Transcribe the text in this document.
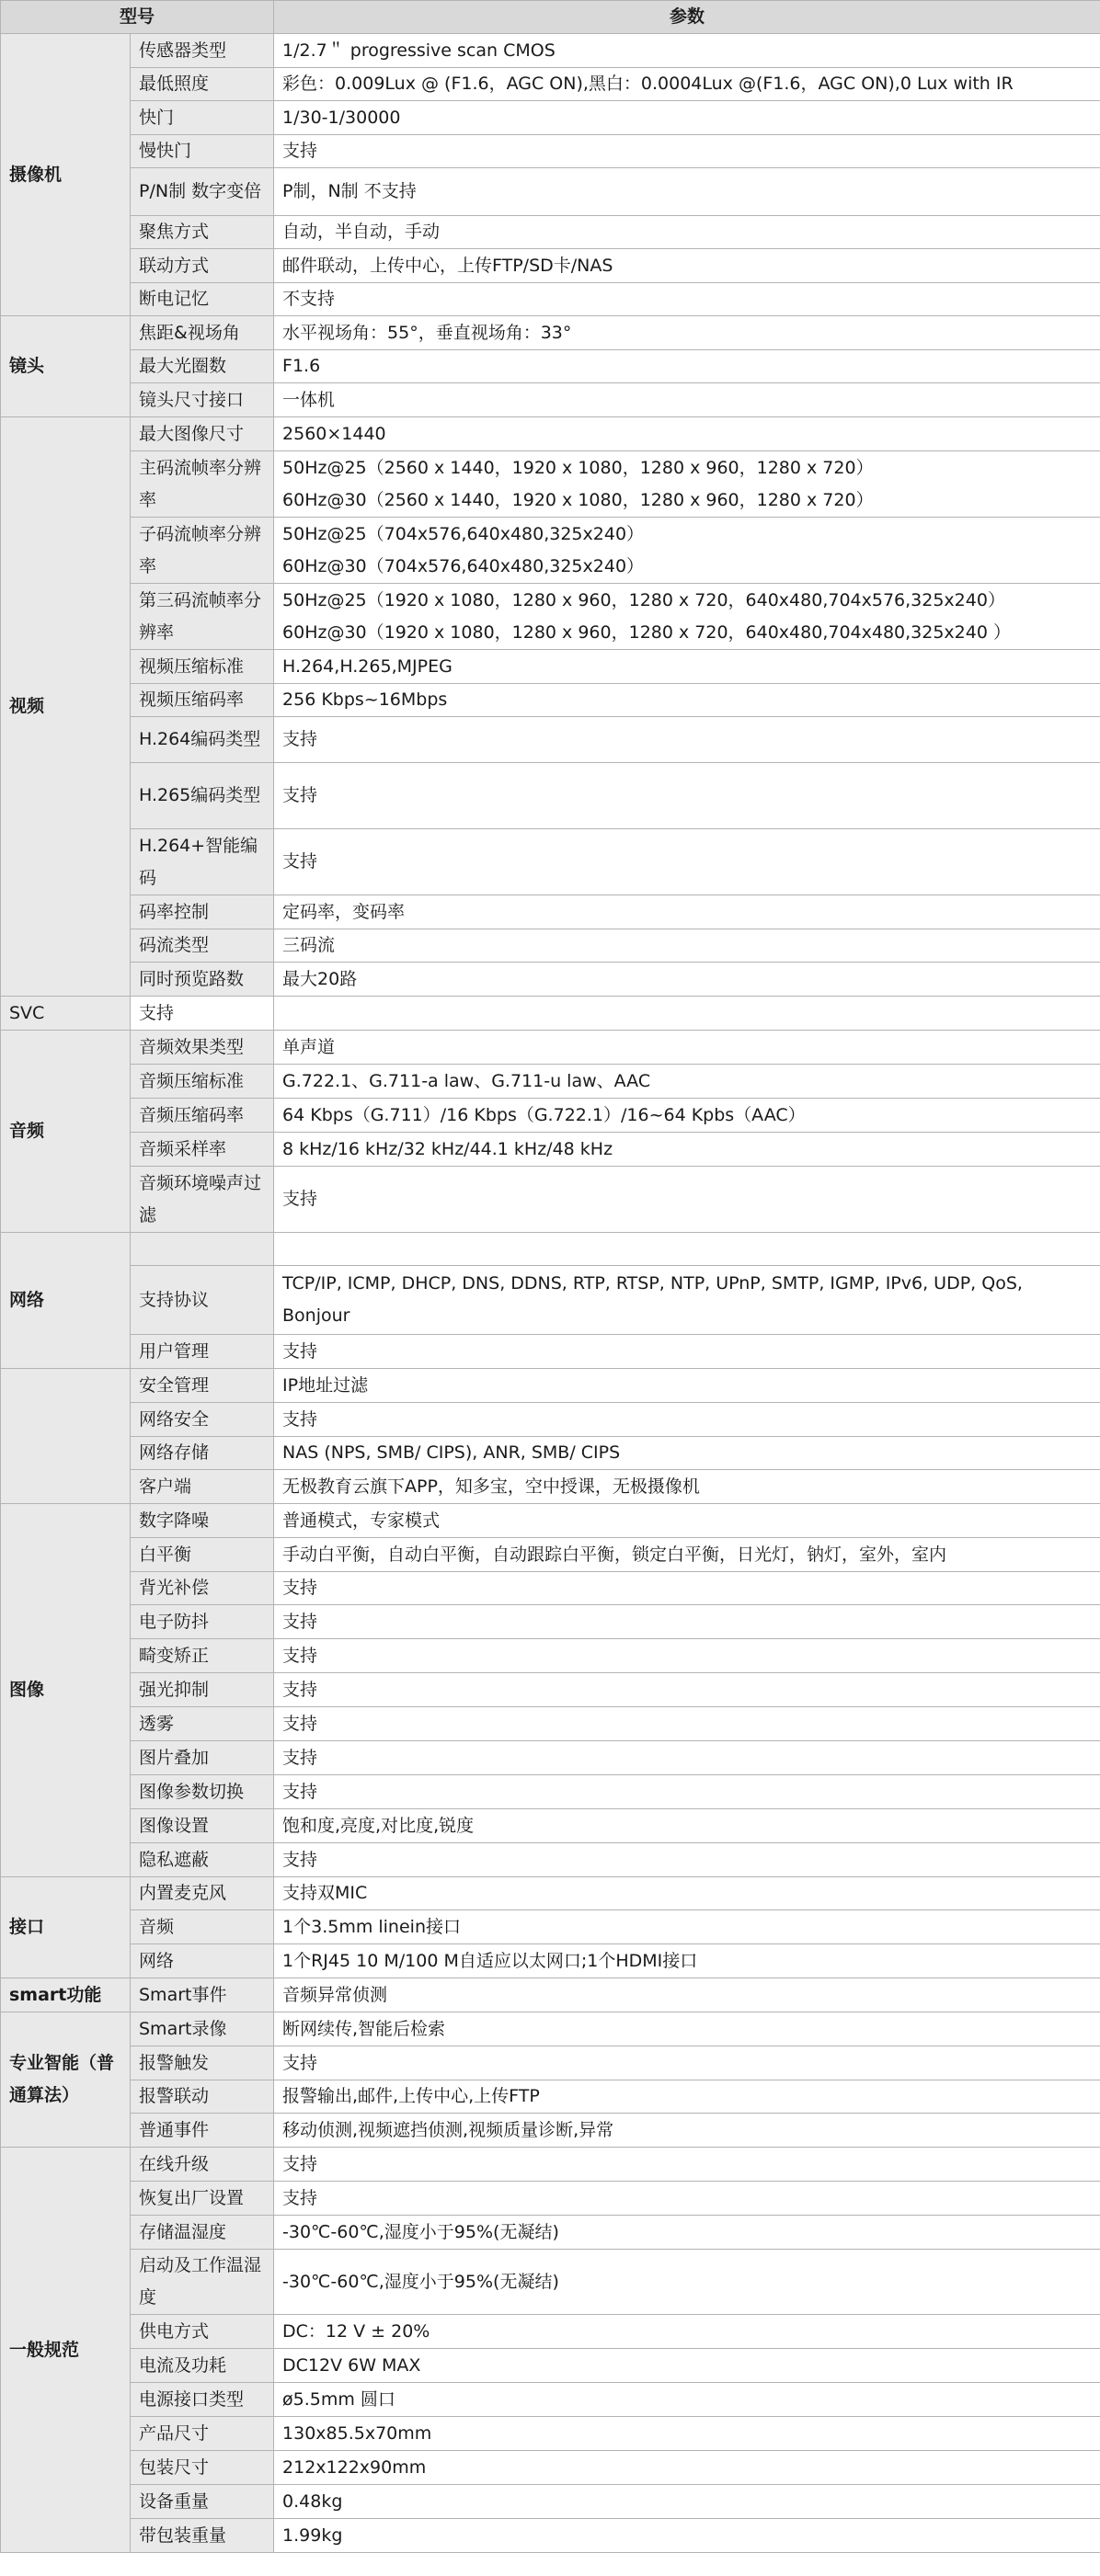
型号		参数
摄像机	传感器类型	1/2.7＂ progressive scan CMOS
	最低照度	彩色：0.009Lux @ (F1.6，AGC ON),黑白：0.0004Lux @(F1.6，AGC ON),0 Lux with IR
	快门	1/30-1/30000
	慢快门	支持
	P/N制 数字变倍	P制，N制 不支持
	聚焦方式	自动，半自动，手动
	联动方式	邮件联动，上传中心，上传FTP/SD卡/NAS
	断电记忆	不支持
镜头	焦距&视场角	水平视场角：55°，垂直视场角：33°
	最大光圈数	F1.6
	镜头尺寸接口	一体机
视频	最大图像尺寸	2560×1440
	主码流帧率分辨率	50Hz@25（2560 x 1440，1920 x 1080，1280 x 960，1280 x 720）
60Hz@30（2560 x 1440，1920 x 1080，1280 x 960，1280 x 720）

	子码流帧率分辨率	50Hz@25（704x576,640x480,325x240）
60Hz@30（704x576,640x480,325x240）

	第三码流帧率分辨率	50Hz@25（1920 x 1080，1280 x 960，1280 x 720，640x480,704x576,325x240）
60Hz@30（1920 x 1080，1280 x 960，1280 x 720，640x480,704x480,325x240 ）

	视频压缩标准	H.264,H.265,MJPEG
	视频压缩码率	256 Kbps~16Mbps
	H.264编码类型	支持
	H.265编码类型	支持
	H.264+智能编码	支持
	码率控制	定码率，变码率
	码流类型	三码流
	同时预览路数	最大20路
SVC	支持	
音频	音频效果类型	单声道
	音频压缩标准	G.722.1、G.711-a law、G.711-u law、AAC
	音频压缩码率	64 Kbps（G.711）/16 Kbps（G.722.1）/16~64 Kpbs（AAC）
	音频采样率	8 kHz/16 kHz/32 kHz/44.1 kHz/48 kHz
	音频环境噪声过滤	支持
网络		
	支持协议	TCP/IP, ICMP, DHCP, DNS, DDNS, RTP, RTSP, NTP, UPnP, SMTP, IGMP, IPv6, UDP, QoS, Bonjour
	用户管理	支持
	安全管理	IP地址过滤
	网络安全	支持
	网络存储	NAS (NPS, SMB/ CIPS), ANR, SMB/ CIPS
	客户端	无极教育云旗下APP，知多宝，空中授课，无极摄像机
图像	数字降噪	普通模式，专家模式
	白平衡	手动白平衡，自动白平衡，自动跟踪白平衡，锁定白平衡，日光灯，钠灯，室外，室内
	背光补偿	支持
	电子防抖	支持
	畸变矫正	支持
	强光抑制	支持
	透雾	支持
	图片叠加	支持
	图像参数切换	支持
	图像设置	饱和度,亮度,对比度,锐度
	隐私遮蔽	支持
接口	内置麦克风	支持双MIC
	音频	1个3.5mm linein接口
	网络	1个RJ45 10 M/100 M自适应以太网口;1个HDMI接口
smart功能	Smart事件	音频异常侦测
专业智能（普通算法）	Smart录像	断网续传,智能后检索
	报警触发	支持
	报警联动	报警输出,邮件,上传中心,上传FTP
	普通事件	移动侦测,视频遮挡侦测,视频质量诊断,异常
一般规范	在线升级	支持
	恢复出厂设置	支持
	存储温湿度	-30℃-60℃,湿度小于95%(无凝结)
	启动及工作温湿度	-30℃-60℃,湿度小于95%(无凝结)
	供电方式	DC：12 V ± 20%
	电流及功耗	DC12V 6W MAX
	电源接口类型	ø5.5mm 圆口
	产品尺寸	130x85.5x70mm
	包装尺寸	212x122x90mm
	设备重量	0.48kg
	带包装重量	1.99kg
